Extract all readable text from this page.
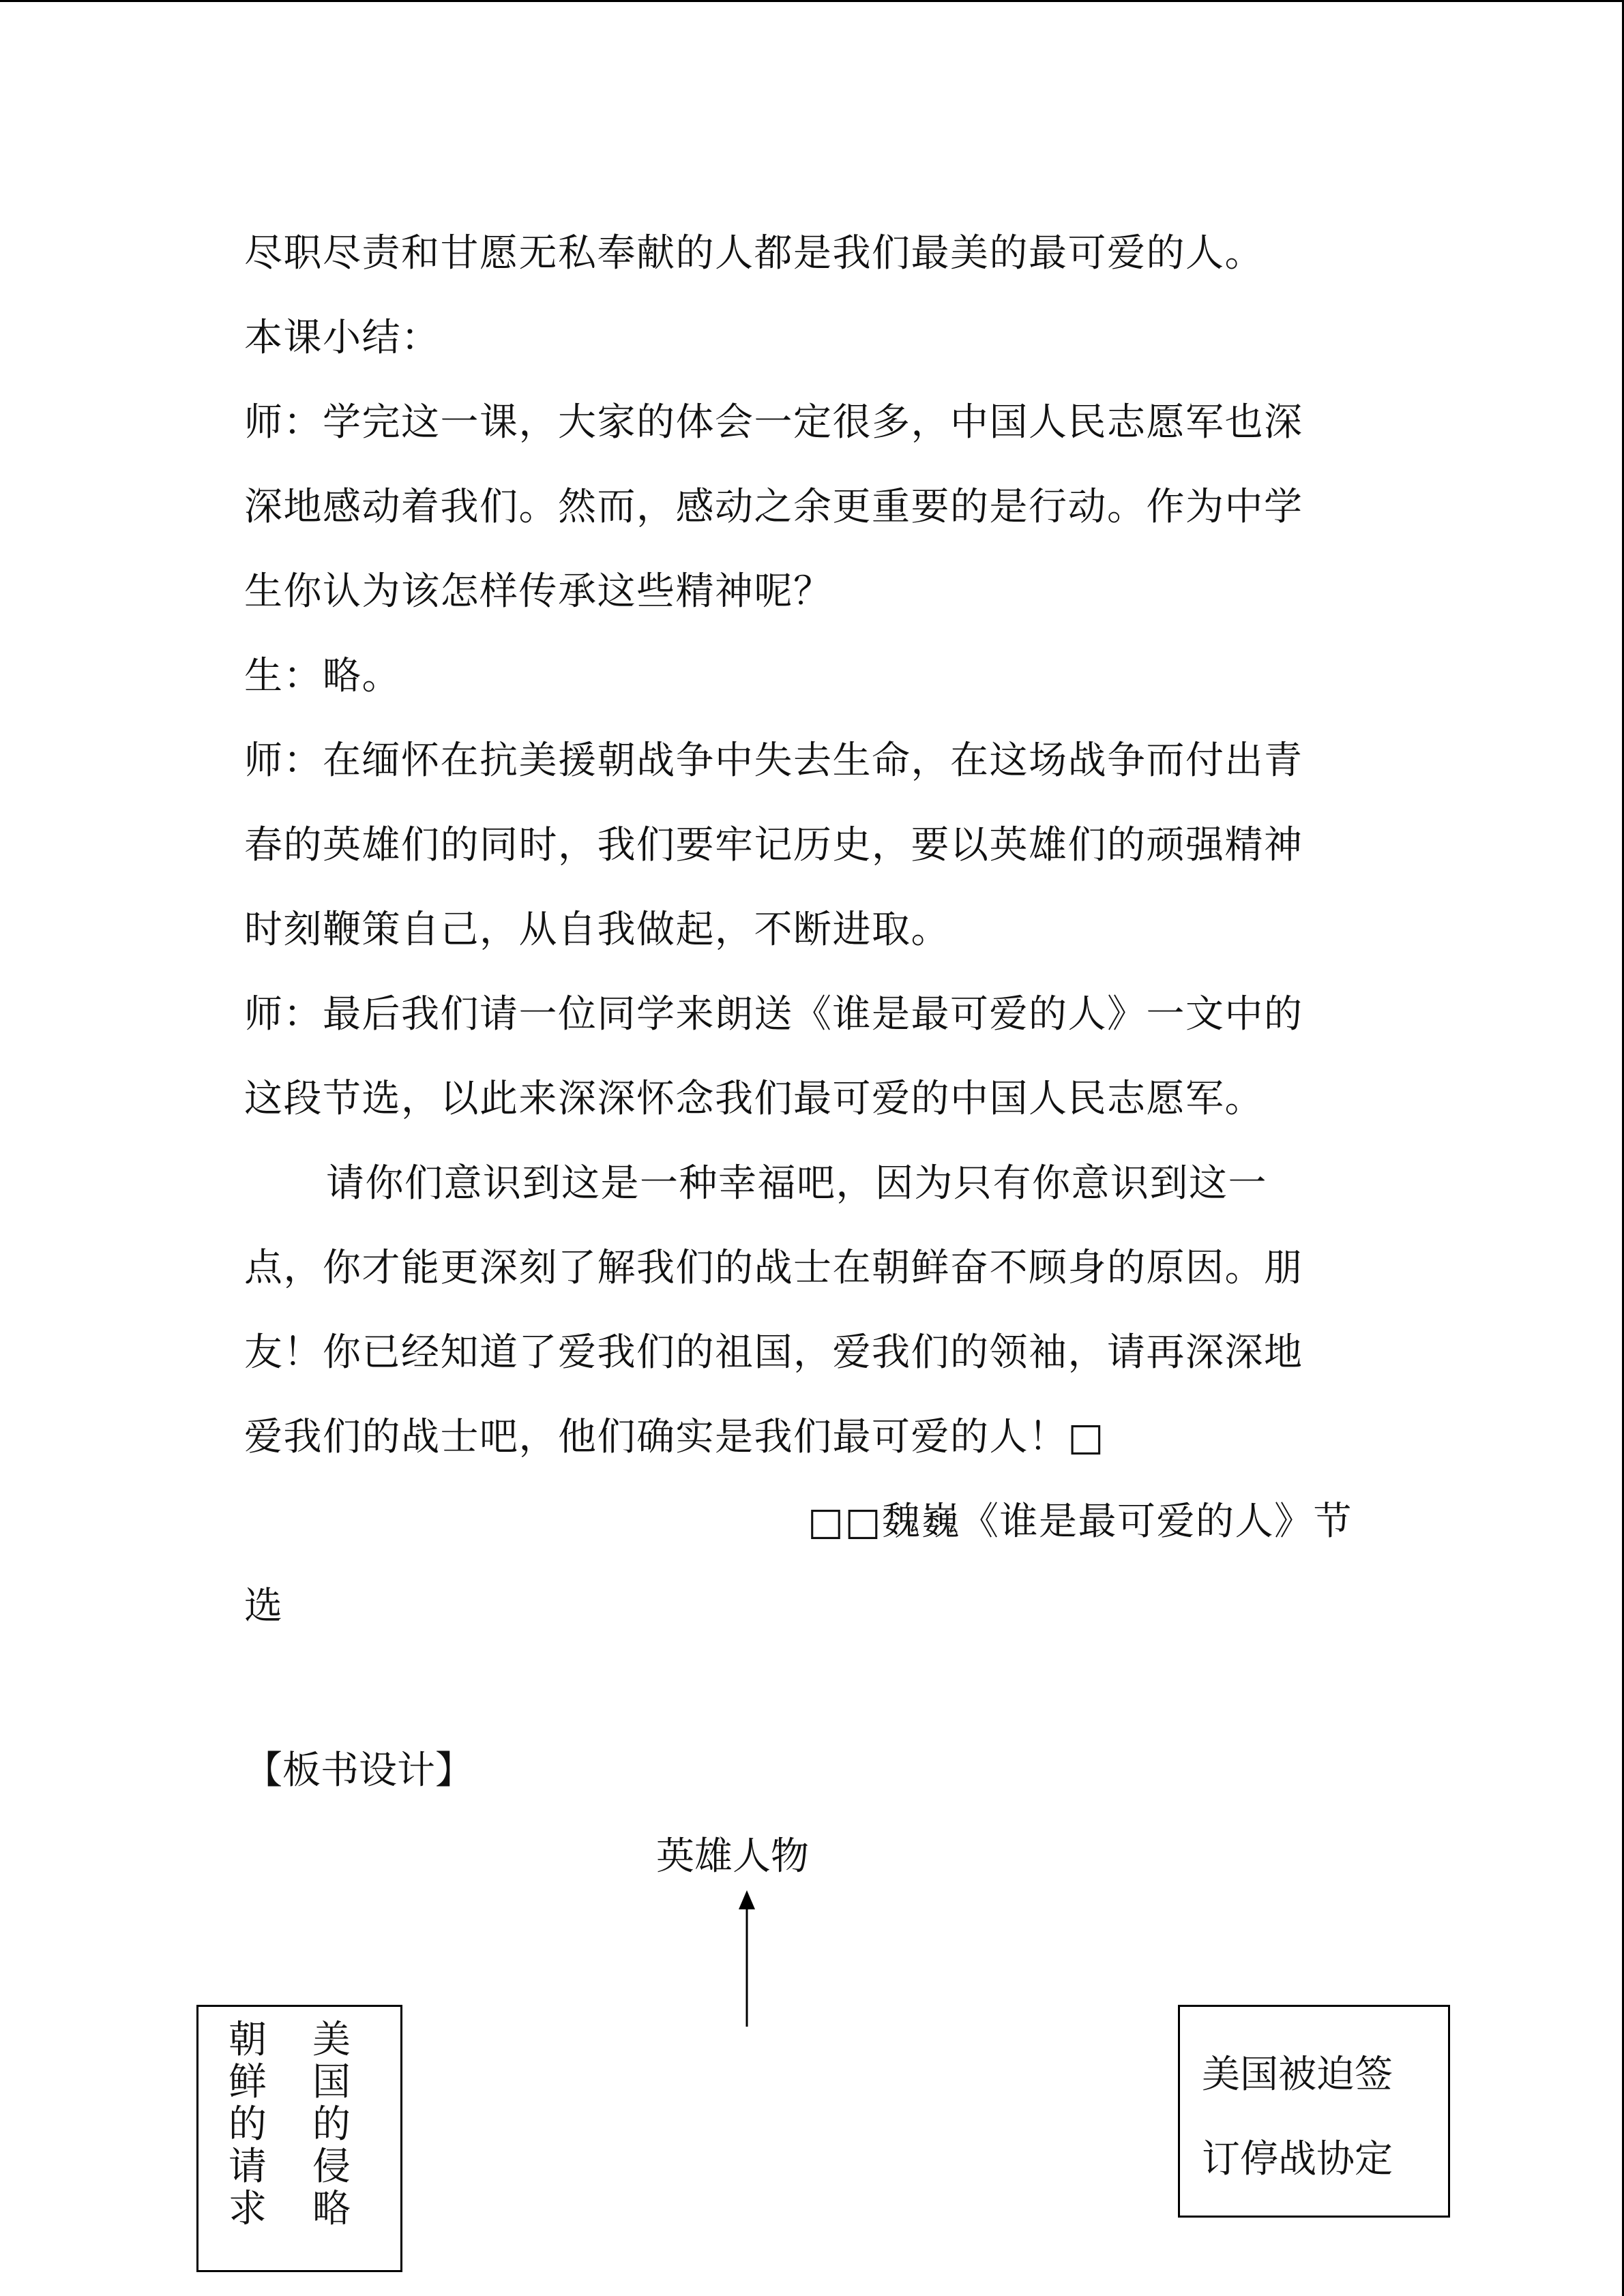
尽职尽责和甘愿无私奉献的人都是我们最美的最可爱的人。
本课小结：
师：学完这一课，大家的体会一定很多，中国人民志愿军也深
深地感动着我们。然而，感动之余更重要的是行动。作为中学
生你认为该怎样传承这些精神呢？
生：略。
师：在缅怀在抗美援朝战争中失去生命，在这场战争而付出青
春的英雄们的同时，我们要牢记历史，要以英雄们的顽强精神
时刻鞭策自己，从自我做起，不断进取。
师：最后我们请一位同学来朗送《谁是最可爱的人》一文中的
这段节选，以此来深深怀念我们最可爱的中国人民志愿军。
请你们意识到这是一种幸福吧，因为只有你意识到这一
点，你才能更深刻了解我们的战士在朝鲜奋不顾身的原因。朋
友！你已经知道了爱我们的祖国，爱我们的领袖，请再深深地
爱我们的战士吧，他们确实是我们最可爱的人！□
□□魏巍《谁是最可爱的人》节
选
【板书设计】
英雄人物
朝
鲜
的
请
求
美
国
的
侵
略
美国被迫签
订停战协定
